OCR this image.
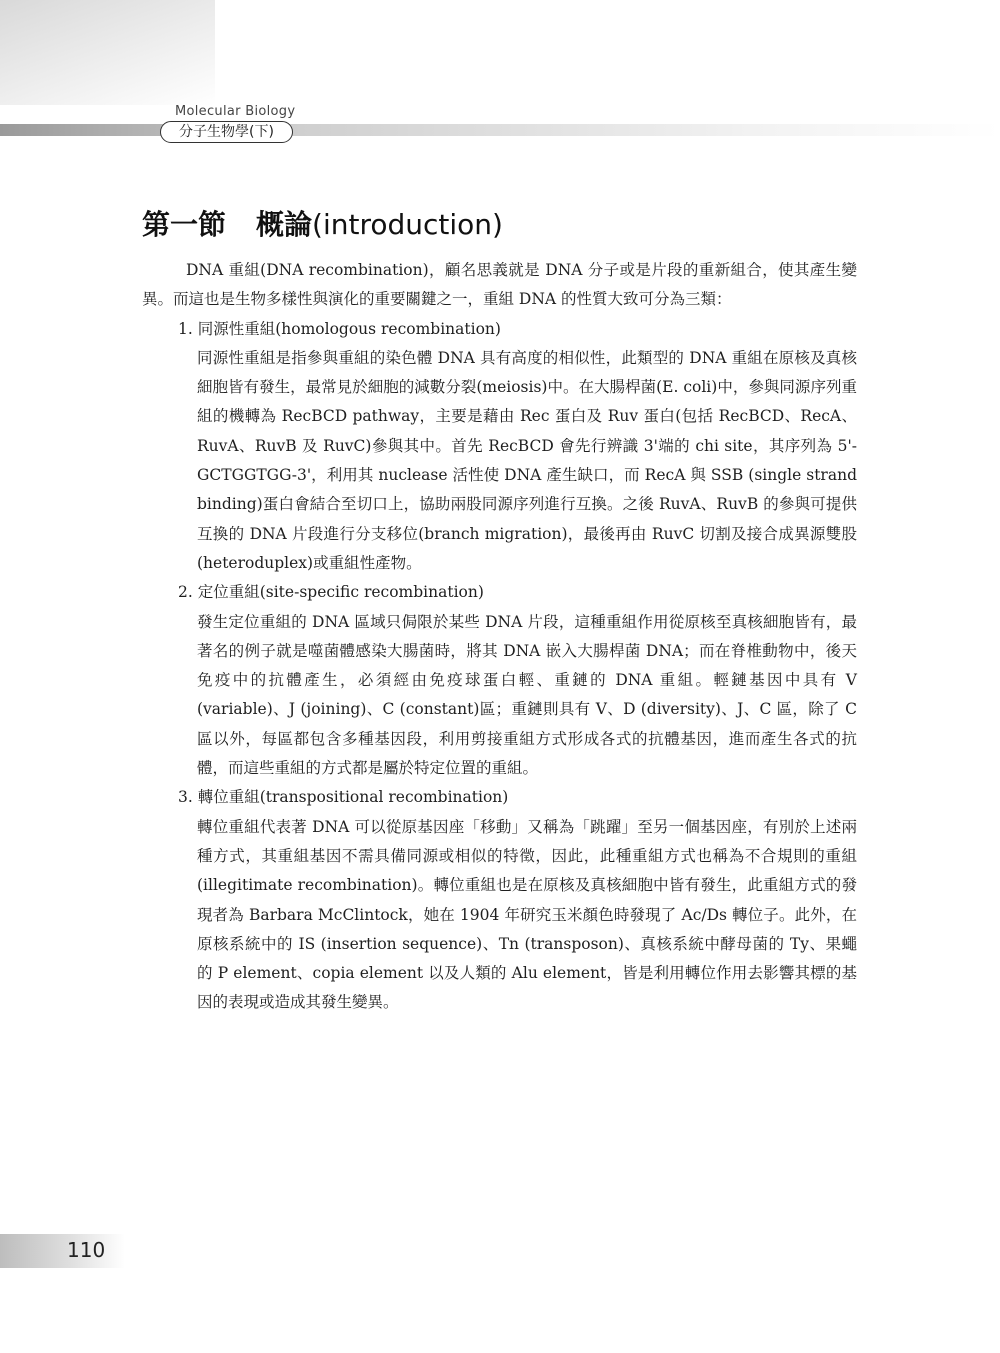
Molecular Biology
分子生物學(下)
第一節 概論(introduction)

DNA 重組(DNA recombination)，顧名思義就是 DNA 分子或是片段的重新組合，使其產生變異。而這也是生物多樣性與演化的重要關鍵之一，重組 DNA 的性質大致可分為三類：

1. 同源性重組(homologous recombination)

同源性重組是指參與重組的染色體 DNA 具有高度的相似性，此類型的 DNA 重組在原核及真核細胞皆有發生，最常見於細胞的減數分裂(meiosis)中。在大腸桿菌(E. coli)中，參與同源序列重組的機轉為 RecBCD pathway，主要是藉由 Rec 蛋白及 Ruv 蛋白(包括 RecBCD、RecA、RuvA、RuvB 及 RuvC)參與其中。首先 RecBCD 會先行辨識 3'端的 chi site，其序列為 5'-GCTGGTGG-3'，利用其 nuclease 活性使 DNA 產生缺口，而 RecA 與 SSB (single strand binding)蛋白會結合至切口上，協助兩股同源序列進行互換。之後 RuvA、RuvB 的參與可提供互換的 DNA 片段進行分支移位(branch migration)，最後再由 RuvC 切割及接合成異源雙股(heteroduplex)或重組性產物。

2. 定位重組(site-specific recombination)

發生定位重組的 DNA 區域只侷限於某些 DNA 片段，這種重組作用從原核至真核細胞皆有，最著名的例子就是噬菌體感染大腸菌時，將其 DNA 嵌入大腸桿菌 DNA；而在脊椎動物中，後天免疫中的抗體產生，必須經由免疫球蛋白輕、重鏈的 DNA 重組。輕鏈基因中具有 V (variable)、J (joining)、C (constant)區；重鏈則具有 V、D (diversity)、J、C 區，除了 C 區以外，每區都包含多種基因段，利用剪接重組方式形成各式的抗體基因，進而產生各式的抗體，而這些重組的方式都是屬於特定位置的重組。

3. 轉位重組(transpositional recombination)

轉位重組代表著 DNA 可以從原基因座「移動」又稱為「跳躍」至另一個基因座，有別於上述兩種方式，其重組基因不需具備同源或相似的特徵，因此，此種重組方式也稱為不合規則的重組(illegitimate recombination)。轉位重組也是在原核及真核細胞中皆有發生，此重組方式的發現者為 Barbara McClintock，她在 1904 年研究玉米顏色時發現了 Ac/Ds 轉位子。此外，在原核系統中的 IS (insertion sequence)、Tn (transposon)、真核系統中酵母菌的 Ty、果蠅的 P element、copia element 以及人類的 Alu element，皆是利用轉位作用去影響其標的基因的表現或造成其發生變異。

110
